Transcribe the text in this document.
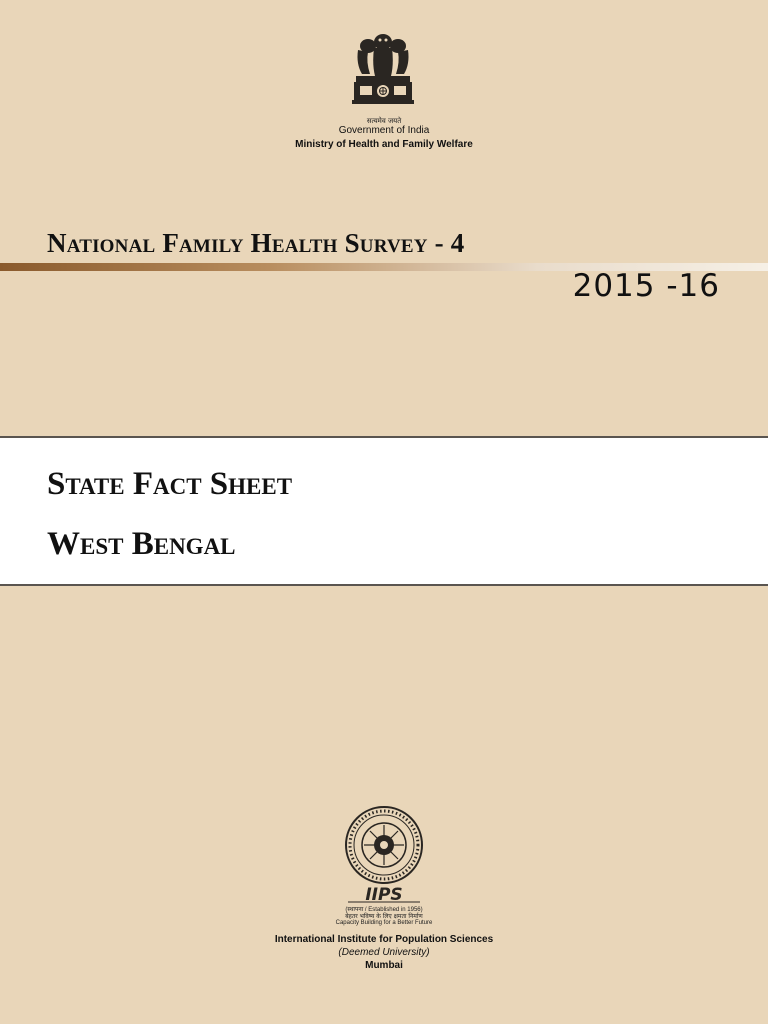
सत्यमेव जयते
Government of India
Ministry of Health and Family Welfare
National Family Health Survey - 4
2015 -16
State Fact Sheet
West Bengal
IIPS
(स्थापना / Established in 1956)
बेहतर भविष्य के लिए क्षमता निर्माण
Capacity Building for a Better Future
International Institute for Population Sciences
(Deemed University)
Mumbai
